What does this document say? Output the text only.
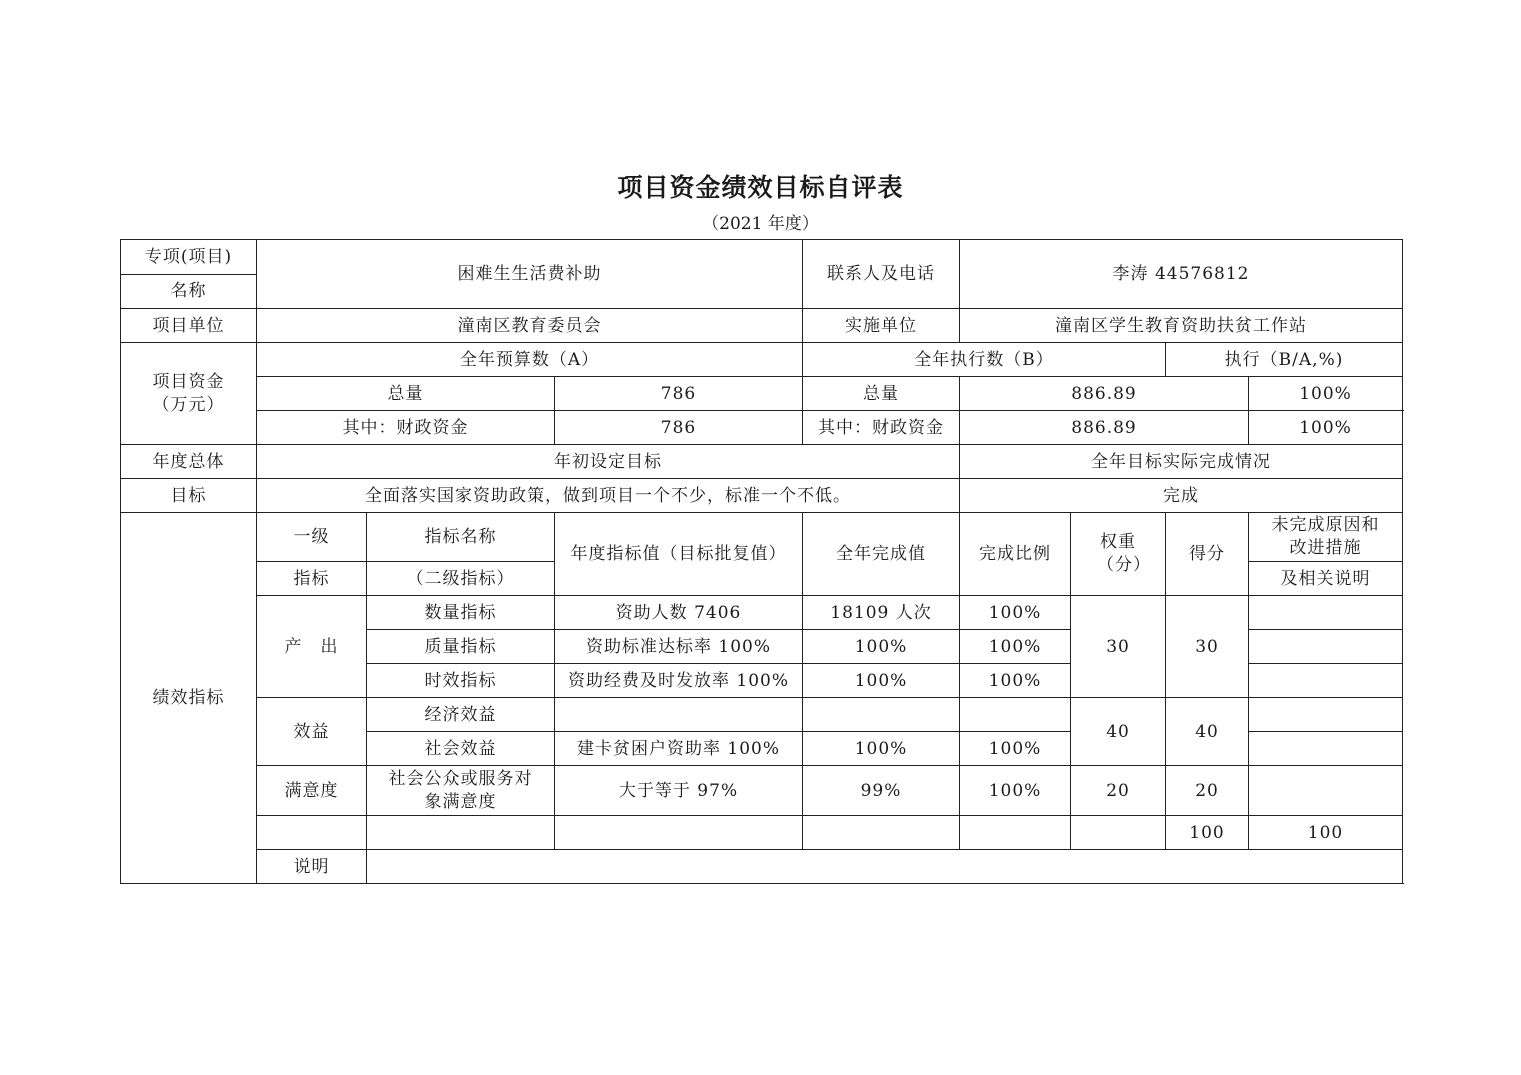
项目资金绩效目标自评表
（2021 年度）
专项(项目)	困难生生活费补助			联系人及电话	李涛 44576812				
名称									
项目单位	潼南区教育委员会			实施单位	潼南区学生教育资助扶贫工作站				
项目资金（万元）	全年预算数（A）			全年执行数（B）			执行（B/A,%)		
	总量		786	总量	886.89			100%	
	其中：财政资金		786	其中：财政资金	886.89			100%	
年度总体	年初设定目标				全年目标实际完成情况				
目标	全面落实国家资助政策，做到项目一个不少，标准一个不低。				完成				
绩效指标	一级	指标名称	年度指标值（目标批复值）	全年完成值	完成比例	权重（分）	得分	未完成原因和改进措施	
	指标	（二级指标）						及相关说明	
	产　出	数量指标	资助人数 7406	18109 人次	100%	30	30		
		质量指标	资助标准达标率 100%	100%	100%				
		时效指标	资助经费及时发放率 100%	100%	100%				
	效益	经济效益				40	40		
		社会效益	建卡贫困户资助率 100%	100%	100%				
	满意度	社会公众或服务对象满意度	大于等于 97%	99%	100%	20	20		
							100	100	
	说明								
